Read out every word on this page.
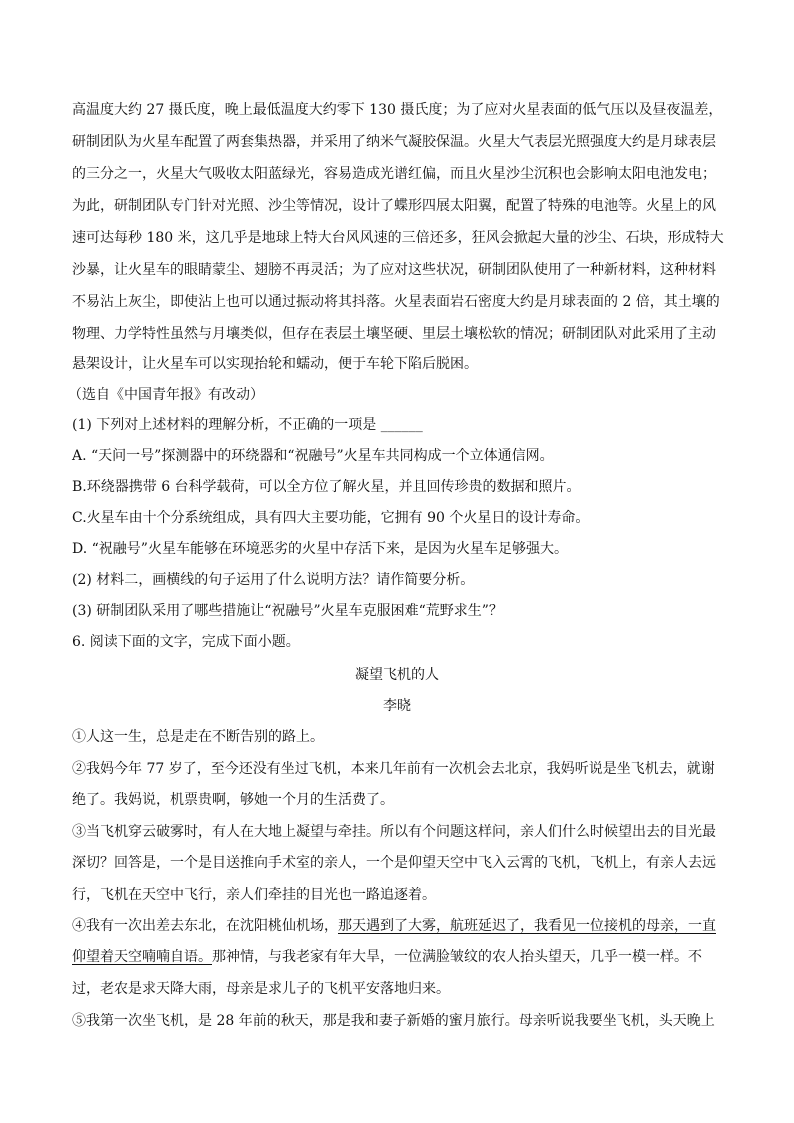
高温度大约 27 摄氏度，晚上最低温度大约零下 130 摄氏度；为了应对火星表面的低气压以及昼夜温差，
研制团队为火星车配置了两套集热器，并采用了纳米气凝胶保温。火星大气表层光照强度大约是月球表层
的三分之一，火星大气吸收太阳蓝绿光，容易造成光谱红偏，而且火星沙尘沉积也会影响太阳电池发电；
为此，研制团队专门针对光照、沙尘等情况，设计了蝶形四展太阳翼，配置了特殊的电池等。火星上的风
速可达每秒 180 米，这几乎是地球上特大台风风速的三倍还多，狂风会掀起大量的沙尘、石块，形成特大
沙暴，让火星车的眼睛蒙尘、翅膀不再灵活；为了应对这些状况，研制团队使用了一种新材料，这种材料
不易沾上灰尘，即使沾上也可以通过振动将其抖落。火星表面岩石密度大约是月球表面的 2 倍，其土壤的
物理、力学特性虽然与月壤类似，但存在表层土壤坚硬、里层土壤松软的情况；研制团队对此采用了主动
悬架设计，让火星车可以实现抬轮和蠕动，便于车轮下陷后脱困。
（选自《中国青年报》有改动）
(1) 下列对上述材料的理解分析，不正确的一项是 ______
A. “天问一号”探测器中的环绕器和“祝融号”火星车共同构成一个立体通信网。
B.环绕器携带 6 台科学载荷，可以全方位了解火星，并且回传珍贵的数据和照片。
C.火星车由十个分系统组成，具有四大主要功能，它拥有 90 个火星日的设计寿命。
D. “祝融号”火星车能够在环境恶劣的火星中存活下来，是因为火星车足够强大。
(2) 材料二，画横线的句子运用了什么说明方法？请作简要分析。
(3) 研制团队采用了哪些措施让“祝融号”火星车克服困难“荒野求生”？
6. 阅读下面的文字，完成下面小题。
凝望飞机的人
李晓
①人这一生，总是走在不断告别的路上。
②我妈今年 77 岁了，至今还没有坐过飞机，本来几年前有一次机会去北京，我妈听说是坐飞机去，就谢
绝了。我妈说，机票贵啊，够她一个月的生活费了。
③当飞机穿云破雾时，有人在大地上凝望与牵挂。所以有个问题这样问，亲人们什么时候望出去的目光最
深切？回答是，一个是目送推向手术室的亲人，一个是仰望天空中飞入云霄的飞机，飞机上，有亲人去远
行，飞机在天空中飞行，亲人们牵挂的目光也一路追逐着。
④我有一次出差去东北，在沈阳桃仙机场，那天遇到了大雾，航班延迟了，我看见一位接机的母亲，一直
仰望着天空喃喃自语。那神情，与我老家有年大旱，一位满脸皱纹的农人抬头望天，几乎一模一样。不
过，老农是求天降大雨，母亲是求儿子的飞机平安落地归来。
⑤我第一次坐飞机，是 28 年前的秋天，那是我和妻子新婚的蜜月旅行。母亲听说我要坐飞机，头天晚上
